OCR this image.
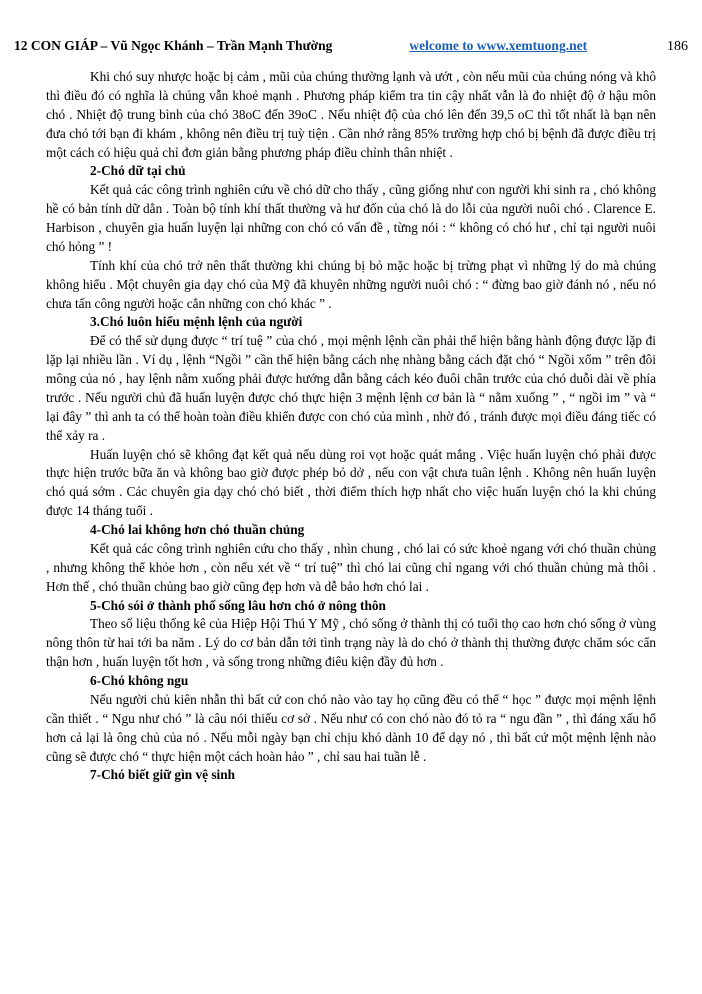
12 CON GIÁP – Vũ Ngọc Khánh – Trần Mạnh Thường	welcome to www.xemtuong.net	186

Khi chó suy nhược hoặc bị cảm , mũi của chúng thường lạnh và ướt , còn nếu mũi của chúng nóng và khô thì điều đó có nghĩa là chúng vẫn khoẻ mạnh . Phương pháp kiểm tra tin cậy nhất vẫn là đo nhiệt độ ở hậu môn chó . Nhiệt độ trung bình của chó 38oC đến 39oC . Nếu nhiệt độ của chó lên đến 39,5 oC thì tốt nhất là bạn nên đưa chó tới bạn đi khám , không nên điều trị tuỳ tiện . Cần nhớ rằng 85% trường hợp chó bị bệnh đã được điều trị một cách có hiệu quả chỉ đơn giản bằng phương pháp điều chỉnh thân nhiệt .

2-Chó dữ tại chủ

Kết quả các công trình nghiên cứu về chó dữ cho thấy , cũng giống như con người khi sinh ra , chó không hề có bản tính dữ dằn . Toàn bộ tính khí thất thường và hư đốn của chó là do lỗi của người nuôi chó . Clarence E. Harbison , chuyên gia huấn luyện lại những con chó có vấn đề , từng nói : “ không có chó hư , chỉ tại người nuôi chó hỏng ” !

Tính khí của chó trở nên thất thường khi chúng bị bỏ mặc hoặc bị trừng phạt vì những lý do mà chúng không hiểu . Một chuyên gia dạy chó của Mỹ đã khuyên những người nuôi chó : “ đừng bao giờ đánh nó , nếu nó chưa tấn công người hoặc cắn những con chó khác ” .

3.Chó luôn hiểu mệnh lệnh của người

Để có thể sử dụng được “ trí tuệ ” của chó , mọi mệnh lệnh cần phải thể hiện bằng hành động được lặp đi lặp lại nhiều lần . Ví dụ , lệnh “Ngồi ” cần thể hiện bằng cách nhẹ nhàng bằng cách đặt chó “ Ngồi xổm ” trên đôi mông của nó , hay lệnh nằm xuống phải được hướng dẫn bằng cách kéo đuôi chân trước của chó duỗi dài về phía trước . Nếu người chủ đã huấn luyện được chó thực hiện 3 mệnh lệnh cơ bản là “ nằm xuống ” , “ ngồi im ” và “ lại đây ” thì anh ta có thể hoàn toàn điều khiển được con chó của mình , nhờ đó , tránh được mọi điều đáng tiếc có thể xảy ra .

Huấn luyện chó sẽ không đạt kết quả nếu dùng roi vọt hoặc quát mắng . Việc huấn luyện chó phải được thực hiện trước bữa ăn và không bao giờ được phép bỏ dở , nếu con vật chưa tuân lệnh . Không nên huấn luyện chó quá sớm . Các chuyên gia dạy chó chó biết , thời điểm thích hợp nhất cho việc huấn luyện chó la khi chúng được 14 tháng tuổi .

4-Chó lai không hơn chó thuần chủng

Kết quả các công trình nghiên cứu cho thấy , nhìn chung , chó lai có sức khoẻ ngang với chó thuần chủng , nhưng không thể khỏe hơn , còn nếu xét về “ trí tuệ” thì chó lai cũng chỉ ngang với chó thuần chủng mà thôi . Hơn thế , chó thuần chủng bao giờ cũng đẹp hơn và dễ bảo hơn chó lai .

5-Chó sói ở thành phố sống lâu hơn chó ở nông thôn

Theo số liệu thống kê của Hiệp Hội Thú Y Mỹ , chó sống ở thành thị có tuổi thọ cao hơn chó sống ở vùng nông thôn từ hai tới ba năm . Lý do cơ bản dẫn tới tình trạng này là do chó ở thành thị thường được chăm sóc cẩn thận hơn , huấn luyện tốt hơn , và sống trong những điêu kiện đầy đủ hơn .

6-Chó không ngu

Nếu người chủ kiên nhẫn thì bất cứ con chó nào vào tay họ cũng đều có thể “ học ” được mọi mệnh lệnh cần thiết . “ Ngu như chó ” là câu nói thiếu cơ sở . Nếu như có con chó nào đó tỏ ra “ ngu đần ” , thì đáng xấu hổ hơn cả lại là ông chủ của nó . Nếu mỗi ngày bạn chỉ chịu khó dành 10 để dạy nó , thì bất cứ một mệnh lệnh nào cũng sẽ được chó “ thực hiện một cách hoàn hảo ” , chỉ sau hai tuần lễ .

7-Chó biết giữ gìn vệ sinh
